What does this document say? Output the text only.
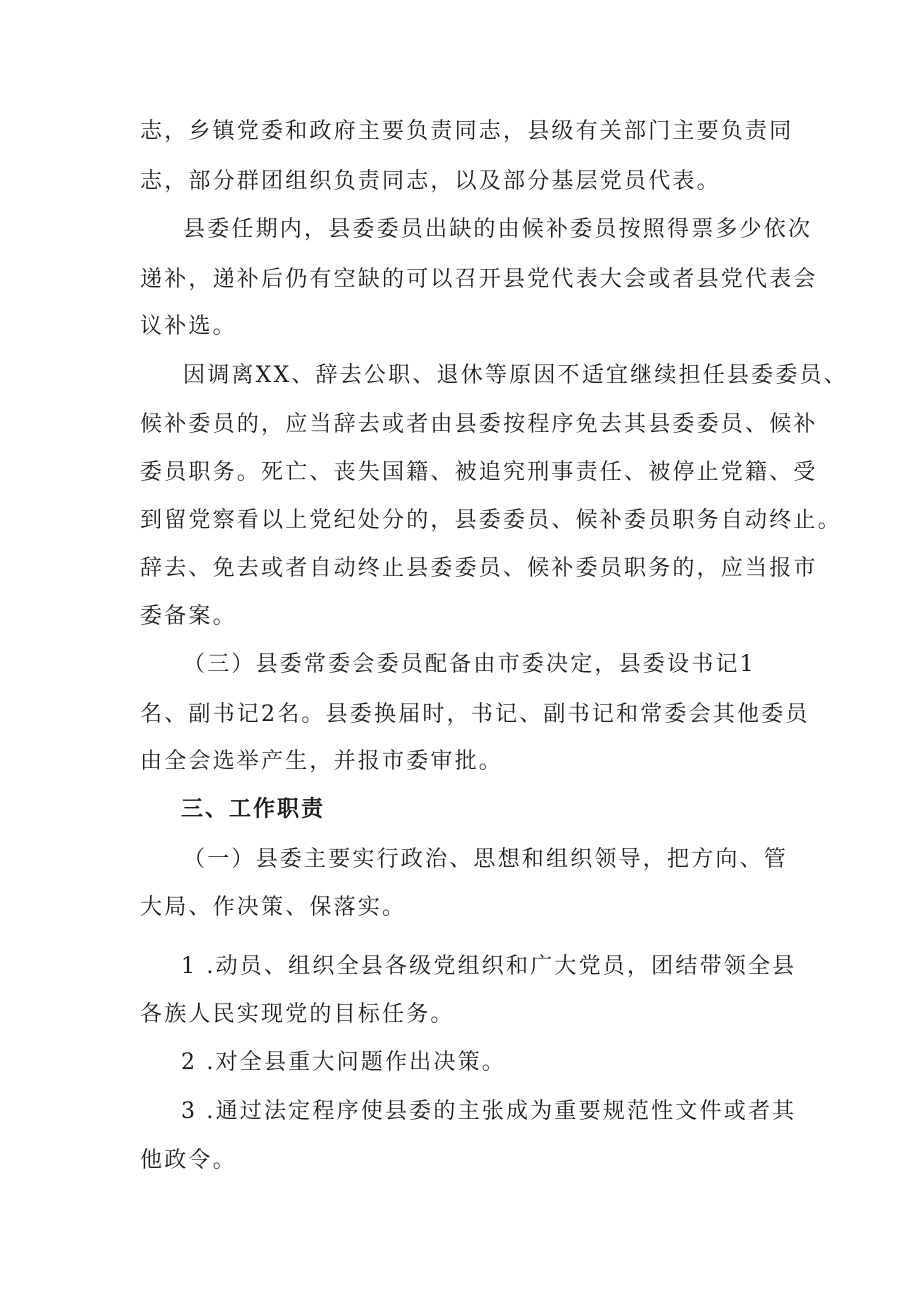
志，乡镇党委和政府主要负责同志，县级有关部门主要负责同
志，部分群团组织负责同志，以及部分基层党员代表。
县委任期内，县委委员出缺的由候补委员按照得票多少依次
递补，递补后仍有空缺的可以召开县党代表大会或者县党代表会
议补选。
因调离XX、辞去公职、退休等原因不适宜继续担任县委委员、
候补委员的，应当辞去或者由县委按程序免去其县委委员、候补
委员职务。死亡、丧失国籍、被追究刑事责任、被停止党籍、受
到留党察看以上党纪处分的，县委委员、候补委员职务自动终止。
辞去、免去或者自动终止县委委员、候补委员职务的，应当报市
委备案。
（三）县委常委会委员配备由市委决定，县委设书记1
名、副书记2名。县委换届时，书记、副书记和常委会其他委员
由全会选举产生，并报市委审批。
三、工作职责
（一）县委主要实行政治、思想和组织领导，把方向、管
大局、作决策、保落实。
1 .动员、组织全县各级党组织和广大党员，团结带领全县
各族人民实现党的目标任务。
2 .对全县重大问题作出决策。
3 .通过法定程序使县委的主张成为重要规范性文件或者其
他政令。
